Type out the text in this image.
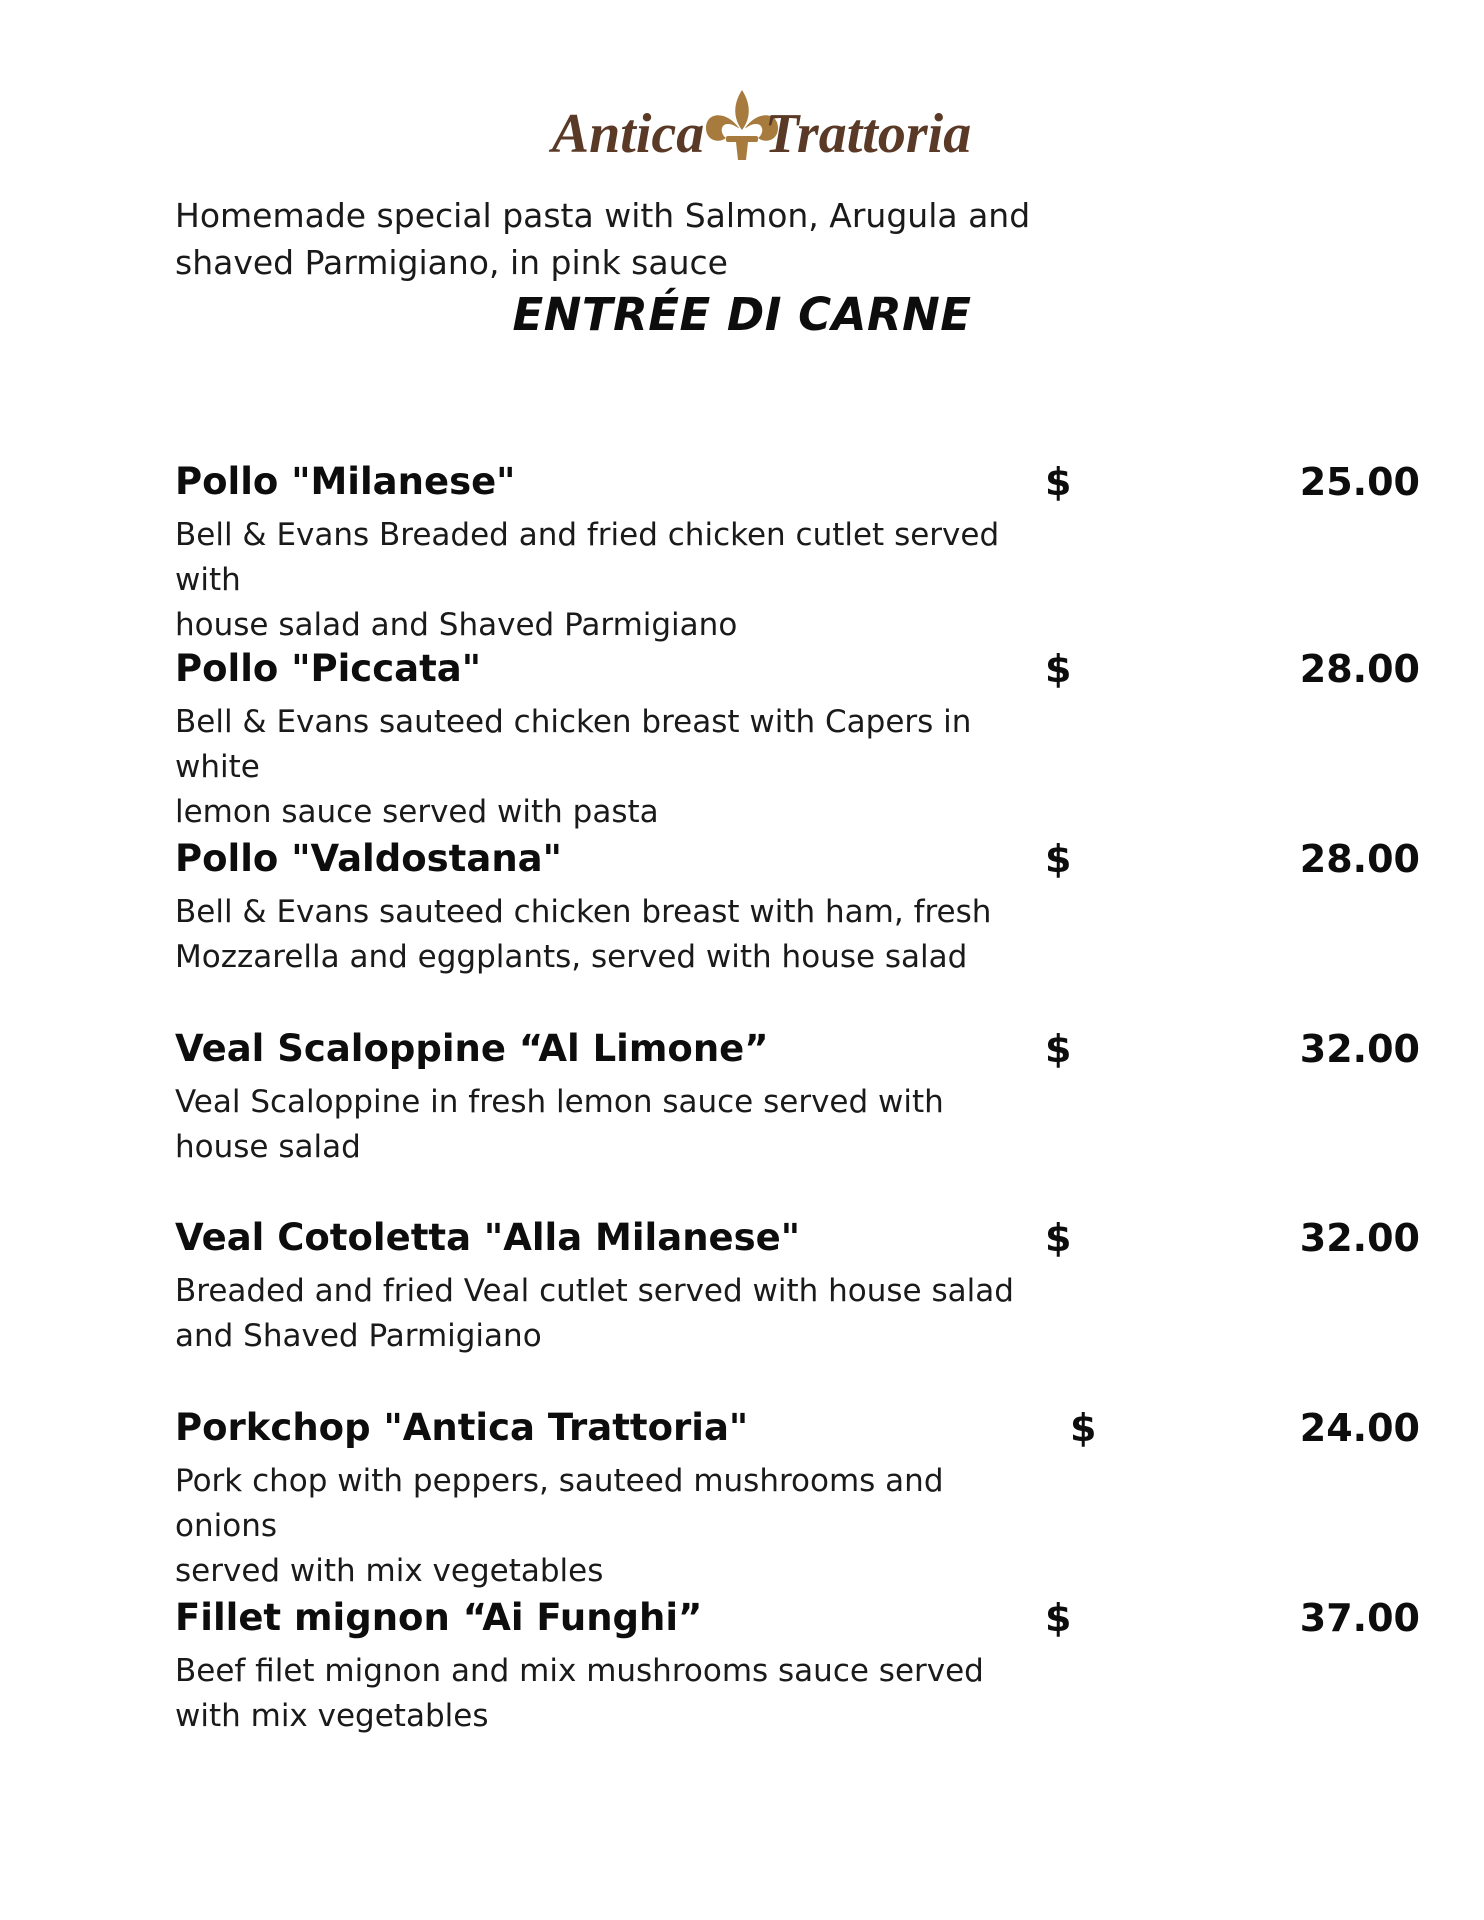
Antica Trattoria
Homemade special pasta with Salmon, Arugula and
shaved Parmigiano, in pink sauce
ENTRÉE DI CARNE
Pollo "Milanese"	$	25.00
Bell & Evans Breaded and fried chicken cutlet served with
house salad and Shaved Parmigiano
Pollo "Piccata"	$	28.00
Bell & Evans sauteed chicken breast with Capers in white
lemon sauce served with pasta
Pollo "Valdostana"	$	28.00
Bell & Evans sauteed chicken breast with ham, fresh
Mozzarella and eggplants, served with house salad
Veal Scaloppine “Al Limone”	$	32.00
Veal Scaloppine in fresh lemon sauce served with
house salad
Veal Cotoletta "Alla Milanese"	$	32.00
Breaded and fried Veal cutlet served with house salad
and Shaved Parmigiano
Porkchop "Antica Trattoria"	$	24.00
Pork chop with peppers, sauteed mushrooms and onions
served with mix vegetables
Fillet mignon “Ai Funghi”	$	37.00
Beef filet mignon and mix mushrooms sauce served
with mix vegetables
